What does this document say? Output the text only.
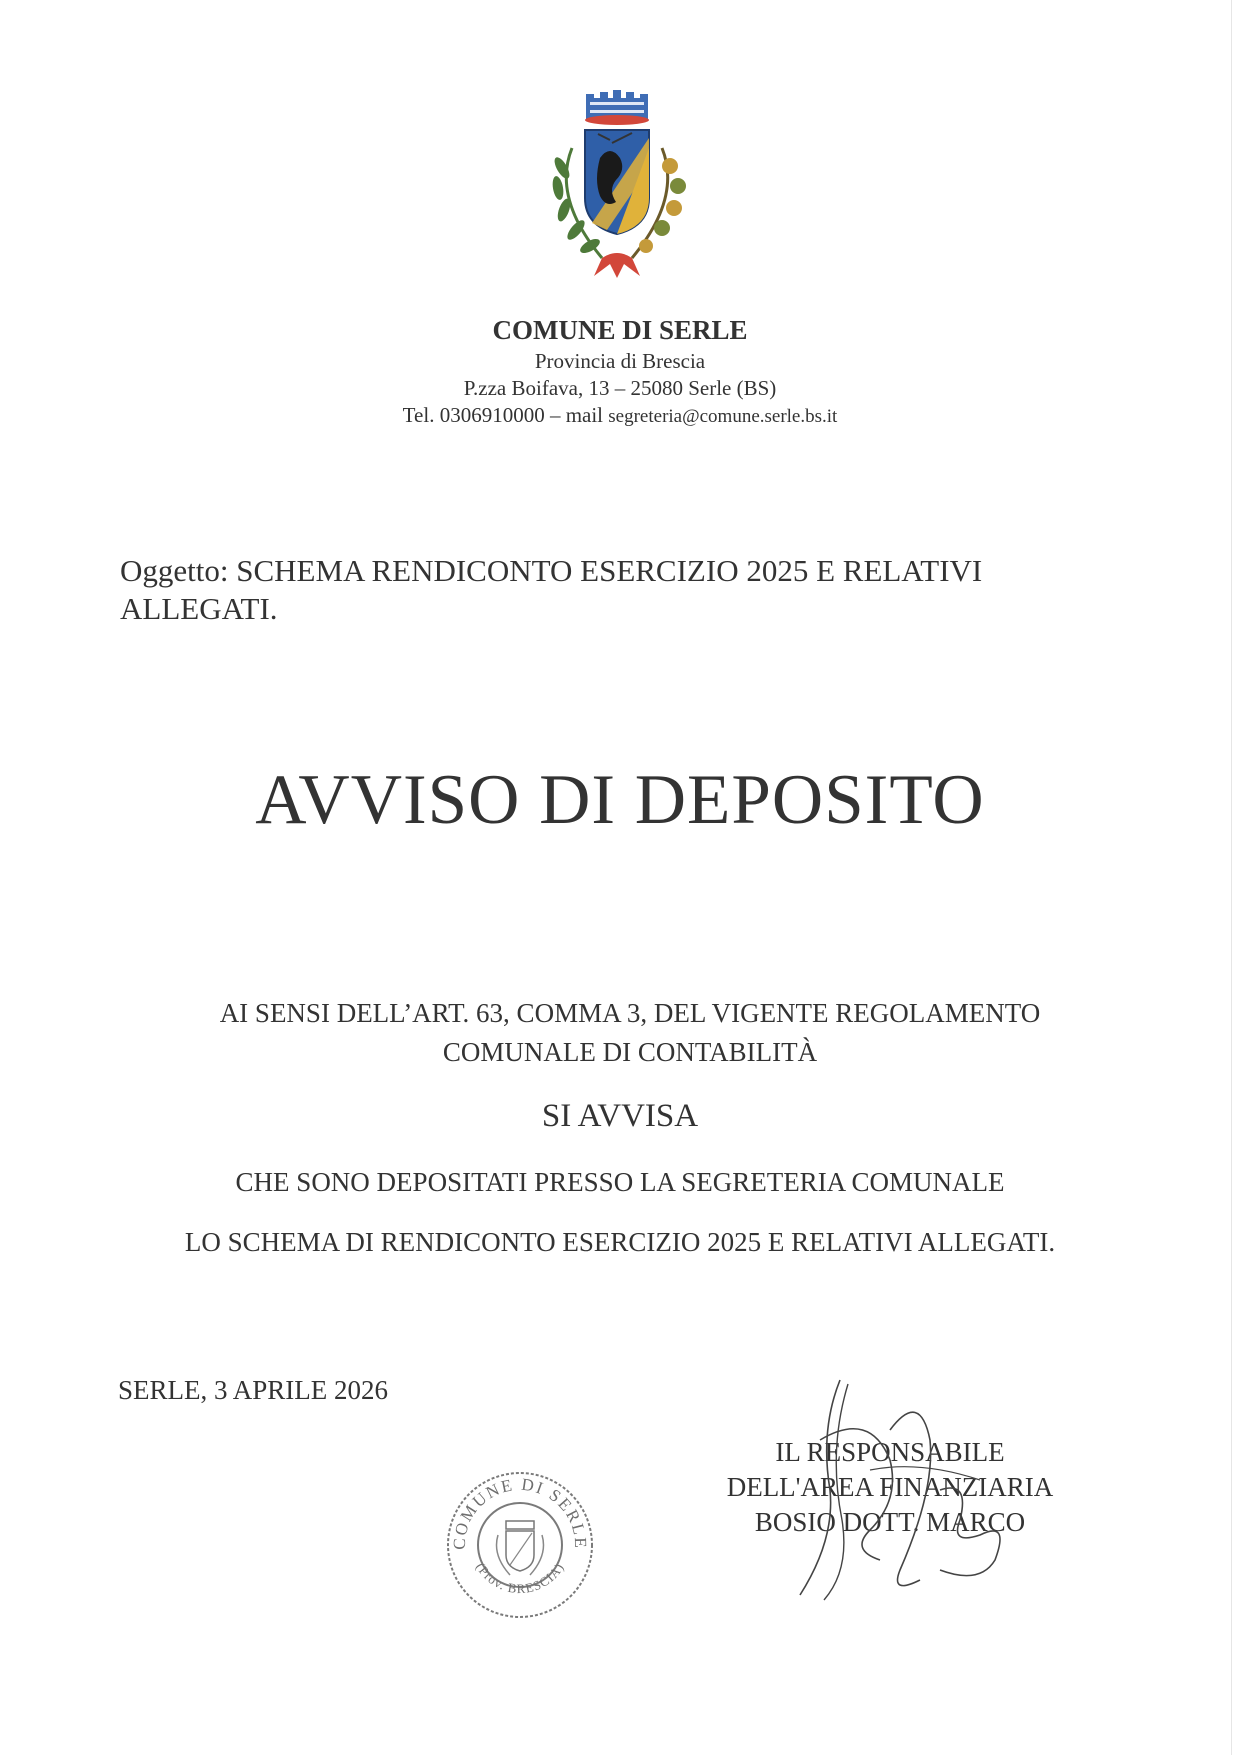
COMUNE DI SERLE
Provincia di Brescia
P.zza Boifava, 13 – 25080 Serle (BS)
Tel. 0306910000 – mail segreteria@comune.serle.bs.it
Oggetto: SCHEMA RENDICONTO ESERCIZIO 2025 E RELATIVI ALLEGATI.
AVVISO DI DEPOSITO
AI SENSI DELL’ART. 63, COMMA 3, DEL VIGENTE REGOLAMENTO
COMUNALE DI CONTABILITÀ
SI AVVISA
CHE SONO DEPOSITATI PRESSO LA SEGRETERIA COMUNALE
LO SCHEMA DI RENDICONTO ESERCIZIO 2025 E RELATIVI ALLEGATI.
SERLE, 3 APRILE 2026
COMUNE DI SERLE
(Prov. BRESCIA)
IL RESPONSABILE
DELL'AREA FINANZIARIA
BOSIO DOTT. MARCO
